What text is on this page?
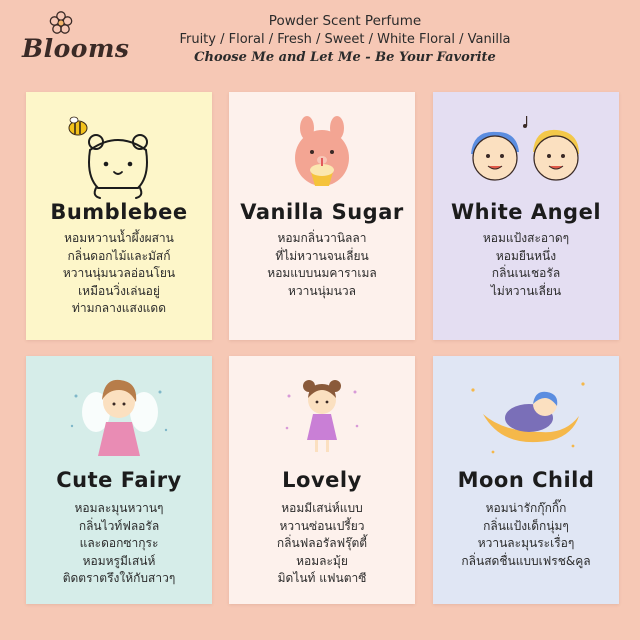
Blooms
Powder Scent Perfume
Fruity / Floral / Fresh / Sweet / White Floral / Vanilla
Choose Me and Let Me - Be Your Favorite
Bumblebee
หอมหวานน้ำผึ้งผสาน
กลิ่นดอกไม้และมัสก์
หวานนุ่มนวลอ่อนโยน
เหมือนวิ่งเล่นอยู่
ท่ามกลางแสงแดด
Vanilla Sugar
หอมกลิ่นวานิลลา
ที่ไม่หวานจนเลี่ยน
หอมแบบนมคาราเมล
หวานนุ่มนวล
White Angel
หอมแป้งสะอาดๆ
หอมยืนหนึ่ง
กลิ่นเนเชอรัล
ไม่หวานเลี่ยน
Cute Fairy
หอมละมุนหวานๆ
กลิ่นไวท์ฟลอรัล
และดอกซากุระ
หอมหรูมีเสน่ห์
ติดตราตรึงให้กับสาวๆ
Lovely
หอมมีเสน่ห์แบบ
หวานซ่อนเปรี้ยว
กลิ่นฟลอรัลฟรุ๊ตตี้
หอมละมุ้ย
มิดไนท์ แฟนตาซี
Moon Child
หอมน่ารักกุ๊กกิ๊ก
กลิ่นแป้งเด็กนุ่มๆ
หวานละมุนระเรื่อๆ
กลิ่นสดชื่นแบบเฟรช&คูล
